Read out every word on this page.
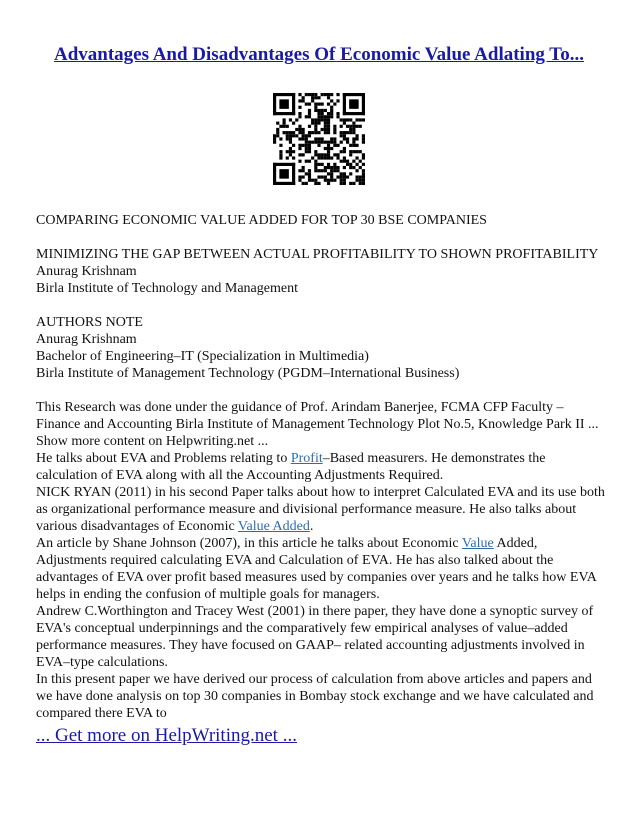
Advantages And Disadvantages Of Economic Value Adlating To...

COMPARING ECONOMIC VALUE ADDED FOR TOP 30 BSE COMPANIES

MINIMIZING THE GAP BETWEEN ACTUAL PROFITABILITY TO SHOWN PROFITABILITY

Anurag Krishnam

Birla Institute of Technology and Management

AUTHORS NOTE

Anurag Krishnam

Bachelor of Engineering–IT (Specialization in Multimedia)

Birla Institute of Management Technology (PGDM–International Business)

This Research was done under the guidance of Prof. Arindam Banerjee, FCMA CFP Faculty – Finance and Accounting Birla Institute of Management Technology Plot No.5, Knowledge Park II ...

Show more content on Helpwriting.net ...

He talks about EVA and Problems relating to Profit–Based measurers. He demonstrates the calculation of EVA along with all the Accounting Adjustments Required.

NICK RYAN (2011) in his second Paper talks about how to interpret Calculated EVA and its use both as organizational performance measure and divisional performance measure. He also talks about various disadvantages of Economic Value Added.

An article by Shane Johnson (2007), in this article he talks about Economic Value Added, Adjustments required calculating EVA and Calculation of EVA. He has also talked about the advantages of EVA over profit based measures used by companies over years and he talks how EVA helps in ending the confusion of multiple goals for managers.

Andrew C.Worthington and Tracey West (2001) in there paper, they have done a synoptic survey of EVA's conceptual underpinnings and the comparatively few empirical analyses of value–added performance measures. They have focused on GAAP– related accounting adjustments involved in EVA–type calculations.

In this present paper we have derived our process of calculation from above articles and papers and we have done analysis on top 30 companies in Bombay stock exchange and we have calculated and compared there EVA to

... Get more on HelpWriting.net ...
